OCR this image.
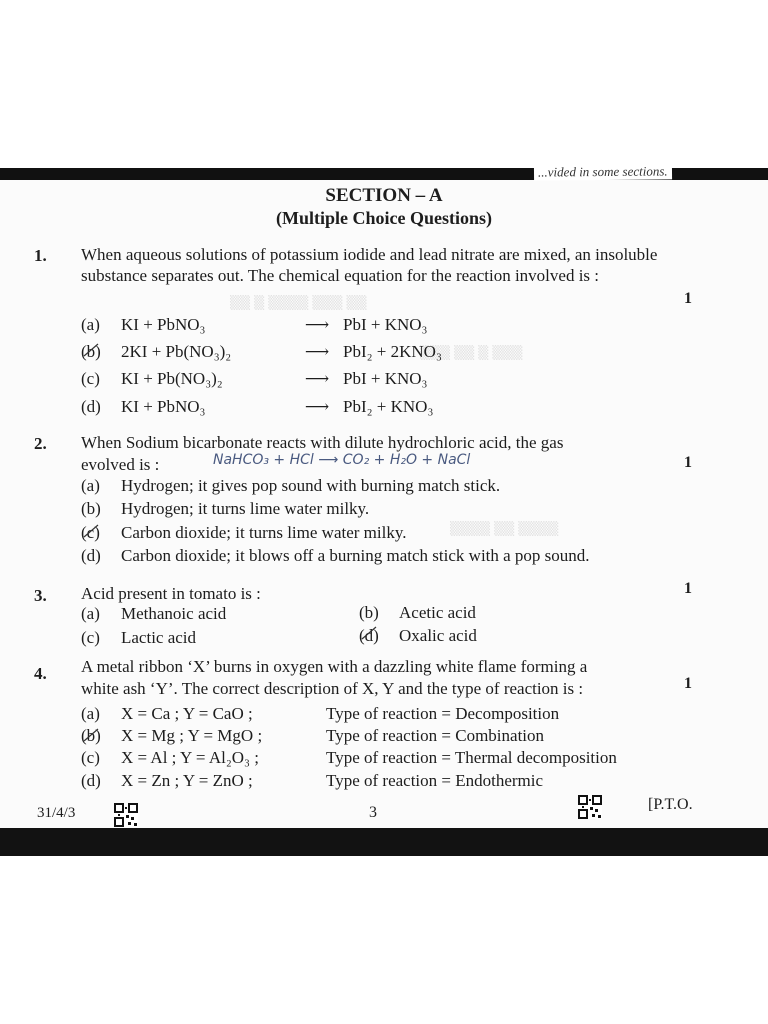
...vided in some sections.
▒▒ ▒ ▒▒▒▒ ▒▒▒ ▒▒
▒▒▒ ▒▒ ▒ ▒▒▒
▒▒▒▒ ▒▒ ▒▒▒▒
SECTION – A
(Multiple Choice Questions)
1. When aqueous solutions of potassium iodide and lead nitrate are mixed, an insoluble substance separates out. The chemical equation for the reaction involved is :
1
(a) KI + PbNO₃	⟶ PbI + KNO₃
(b) 2KI + Pb(NO₃)₂	⟶ PbI₂ + 2KNO₃
(c) KI + Pb(NO₃)₂	⟶ PbI + KNO₃
(d) KI + PbNO₃	⟶ PbI₂ + KNO₃
2. When Sodium bicarbonate reacts with dilute hydrochloric acid, the gas
evolved is :	NaHCO₃ + HCl ⟶ CO₂ + H₂O + NaCl	1
(a) Hydrogen; it gives pop sound with burning match stick.
(b) Hydrogen; it turns lime water milky.
(c) Carbon dioxide; it turns lime water milky.
(d) Carbon dioxide; it blows off a burning match stick with a pop sound.
3. Acid present in tomato is :	1
(a) Methanoic acid	(b) Acetic acid
(c) Lactic acid	(d) Oxalic acid
4. A metal ribbon ‘X’ burns in oxygen with a dazzling white flame forming a
white ash ‘Y’. The correct description of X, Y and the type of reaction is :	1
(a) X = Ca ; Y = CaO ;	Type of reaction = Decomposition
(b) X = Mg ; Y = MgO ;	Type of reaction = Combination
(c) X = Al ; Y = Al₂O₃ ;	Type of reaction = Thermal decomposition
(d) X = Zn ; Y = ZnO ;	Type of reaction = Endothermic
31/4/3	3	[P.T.O.
